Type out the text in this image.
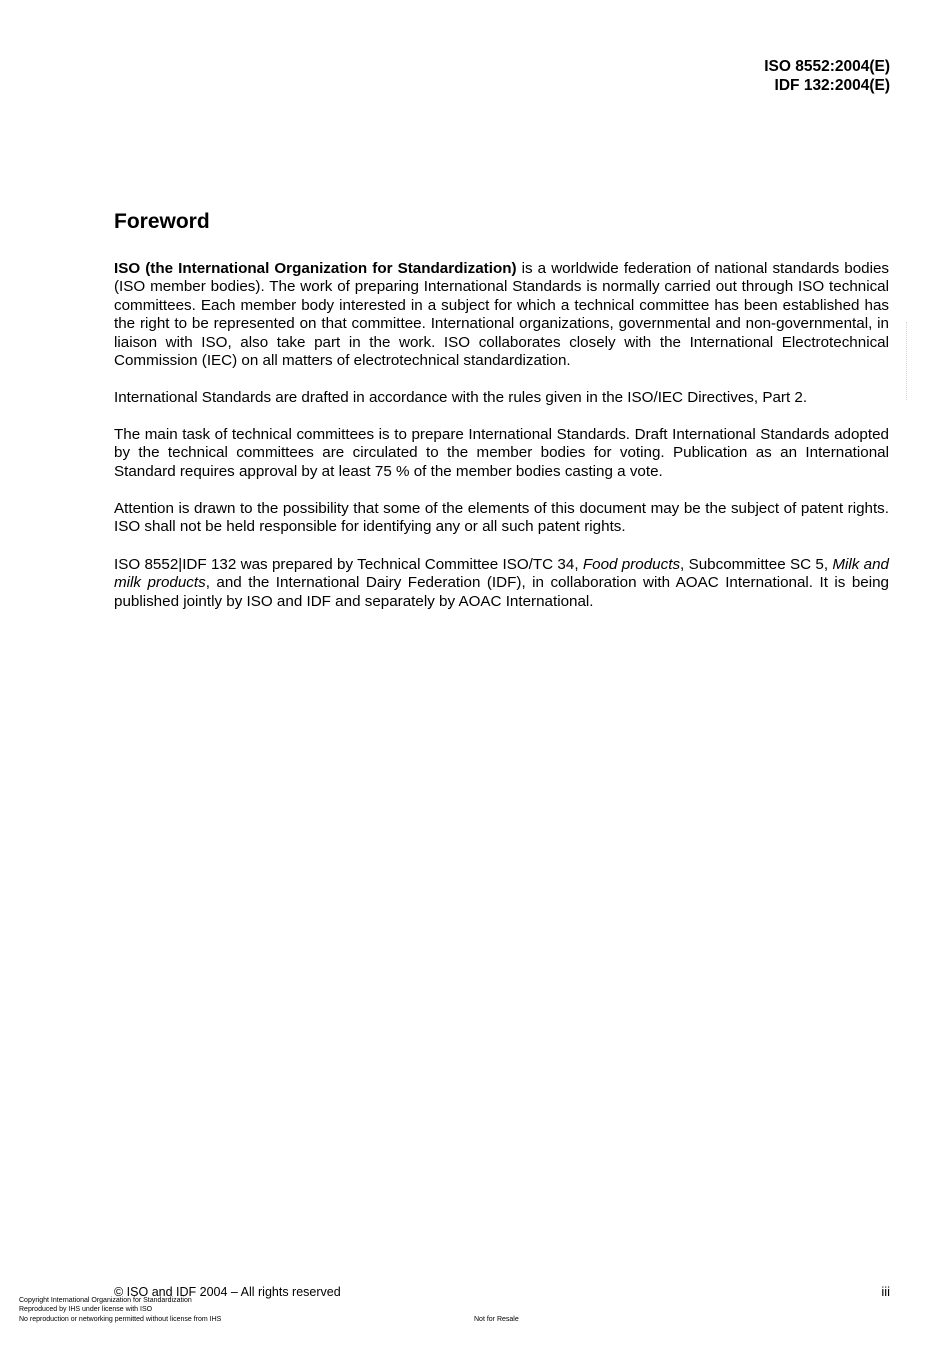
ISO 8552:2004(E)
IDF 132:2004(E)
Foreword

ISO (the International Organization for Standardization) is a worldwide federation of national standards bodies (ISO member bodies). The work of preparing International Standards is normally carried out through ISO technical committees. Each member body interested in a subject for which a technical committee has been established has the right to be represented on that committee. International organizations, governmental and non-governmental, in liaison with ISO, also take part in the work. ISO collaborates closely with the International Electrotechnical Commission (IEC) on all matters of electrotechnical standardization.

International Standards are drafted in accordance with the rules given in the ISO/IEC Directives, Part 2.

The main task of technical committees is to prepare International Standards. Draft International Standards adopted by the technical committees are circulated to the member bodies for voting. Publication as an International Standard requires approval by at least 75 % of the member bodies casting a vote.

Attention is drawn to the possibility that some of the elements of this document may be the subject of patent rights. ISO shall not be held responsible for identifying any or all such patent rights.

ISO 8552|IDF 132 was prepared by Technical Committee ISO/TC 34, Food products, Subcommittee SC 5, Milk and milk products, and the International Dairy Federation (IDF), in collaboration with AOAC International. It is being published jointly by ISO and IDF and separately by AOAC International.

© ISO and IDF 2004 – All rights reserved	iii
Copyright International Organization for Standardization
Reproduced by IHS under license with ISO
No reproduction or networking permitted without license from IHS	Not for Resale
